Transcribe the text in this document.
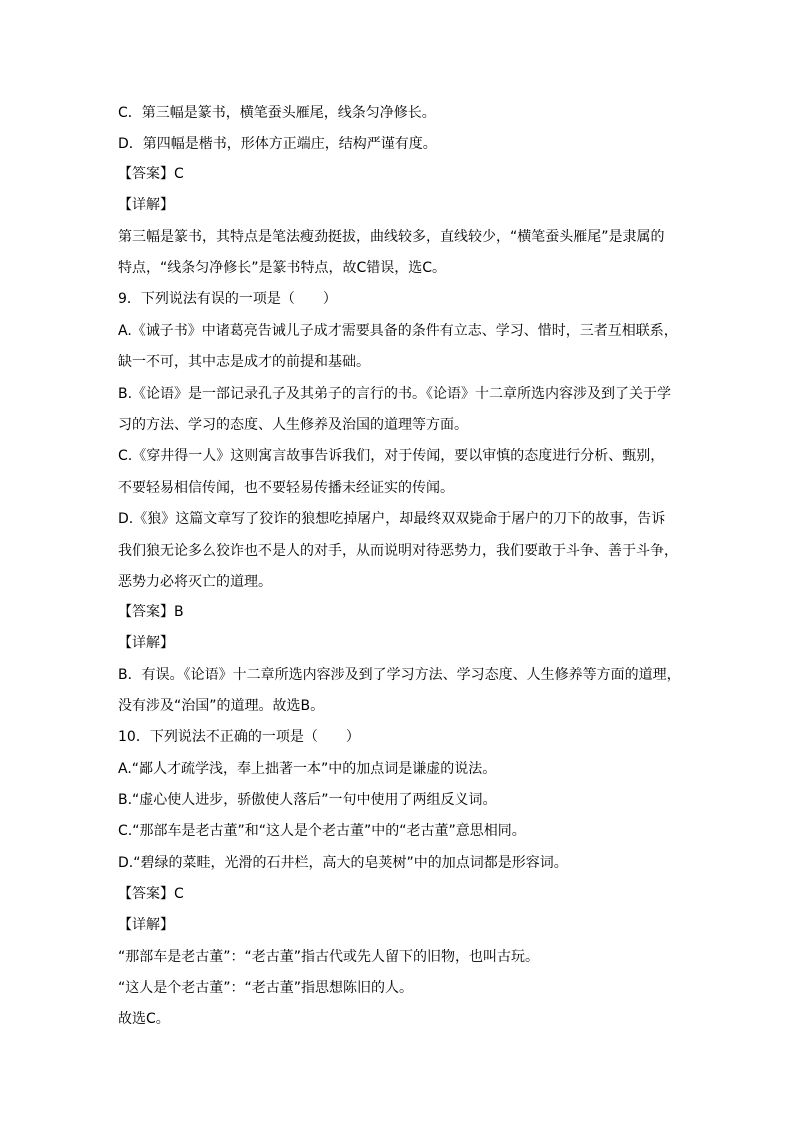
C．第三幅是篆书，横笔蚕头雁尾，线条匀净修长。
D．第四幅是楷书，形体方正端庄，结构严谨有度。
【答案】C
【详解】
第三幅是篆书，其特点是笔法瘦劲挺拔，曲线较多，直线较少，“横笔蚕头雁尾”是隶属的
特点，“线条匀净修长”是篆书特点，故C错误，选C。
9．下列说法有误的一项是（　　）
A.《诫子书》中诸葛亮告诫儿子成才需要具备的条件有立志、学习、惜时，三者互相联系，
缺一不可，其中志是成才的前提和基础。
B.《论语》是一部记录孔子及其弟子的言行的书。《论语》十二章所选内容涉及到了关于学
习的方法、学习的态度、人生修养及治国的道理等方面。
C.《穿井得一人》这则寓言故事告诉我们，对于传闻，要以审慎的态度进行分析、甄别，
不要轻易相信传闻，也不要轻易传播未经证实的传闻。
D.《狼》这篇文章写了狡诈的狼想吃掉屠户，却最终双双毙命于屠户的刀下的故事，告诉
我们狼无论多么狡诈也不是人的对手，从而说明对待恶势力，我们要敢于斗争、善于斗争，
恶势力必将灭亡的道理。
【答案】B
【详解】
B．有误。《论语》十二章所选内容涉及到了学习方法、学习态度、人生修养等方面的道理，
没有涉及“治国”的道理。故选B。
10．下列说法不正确的一项是（　　）
A.“鄙人才疏学浅，奉上拙著一本”中的加点词是谦虚的说法。
B.“虚心使人进步，骄傲使人落后”一句中使用了两组反义词。
C.“那部车是老古董”和“这人是个老古董”中的“老古董”意思相同。
D.“碧绿的菜畦，光滑的石井栏，高大的皂荚树”中的加点词都是形容词。
【答案】C
【详解】
“那部车是老古董”：“老古董”指古代或先人留下的旧物，也叫古玩。
“这人是个老古董”：“老古董”指思想陈旧的人。
故选C。
